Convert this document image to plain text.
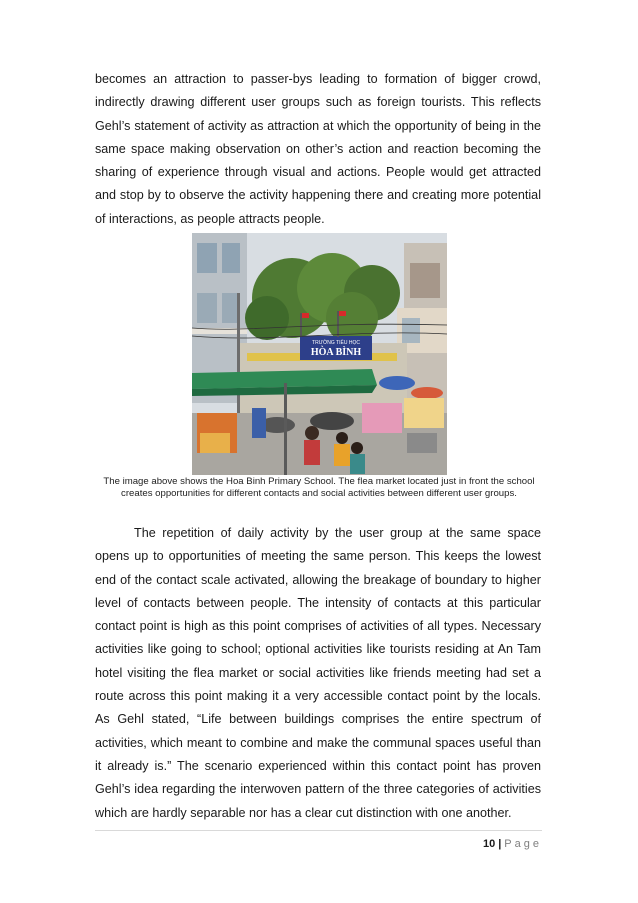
becomes an attraction to passer-bys leading to formation of bigger crowd, indirectly drawing different user groups such as foreign tourists. This reflects Gehl’s statement of activity as attraction at which the opportunity of being in the same space making observation on other’s action and reaction becoming the sharing of experience through visual and actions. People would get attracted and stop by to observe the activity happening there and creating more potential of interactions, as people attracts people.

TRƯỜNG TIỂU HỌC
HÒA BÌNH

The image above shows the Hoa Binh Primary School. The flea market located just in front the school creates opportunities for different contacts and social activities between different user groups.

The repetition of daily activity by the user group at the same space opens up to opportunities of meeting the same person. This keeps the lowest end of the contact scale activated, allowing the breakage of boundary to higher level of contacts between people. The intensity of contacts at this particular contact point is high as this point comprises of activities of all types. Necessary activities like going to school; optional activities like tourists residing at An Tam hotel visiting the flea market or social activities like friends meeting had set a route across this point making it a very accessible contact point by the locals. As Gehl stated, “Life between buildings comprises the entire spectrum of activities, which meant to combine and make the communal spaces useful than it already is.” The scenario experienced within this contact point has proven Gehl’s idea regarding the interwoven pattern of the three categories of activities which are hardly separable nor has a clear cut distinction with one another.

10 | Page
